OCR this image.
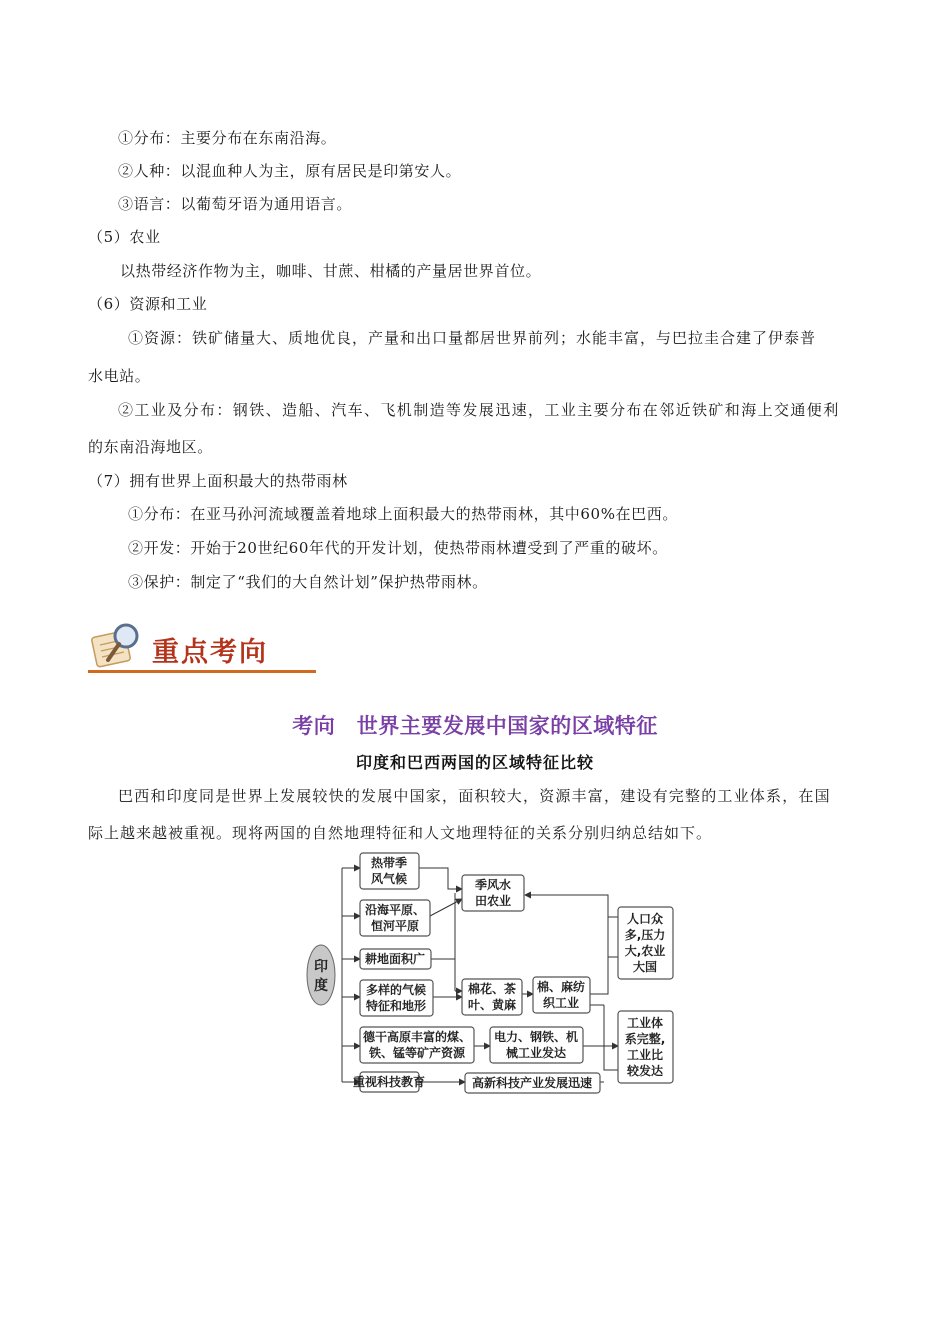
①分布：主要分布在东南沿海。
②人种：以混血种人为主，原有居民是印第安人。
③语言：以葡萄牙语为通用语言。
（5）农业
以热带经济作物为主，咖啡、甘蔗、柑橘的产量居世界首位。
（6）资源和工业
①资源：铁矿储量大、质地优良，产量和出口量都居世界前列；水能丰富，与巴拉圭合建了伊泰普
水电站。
②工业及分布：钢铁、造船、汽车、飞机制造等发展迅速，工业主要分布在邻近铁矿和海上交通便利
的东南沿海地区。
（7）拥有世界上面积最大的热带雨林
①分布：在亚马孙河流域覆盖着地球上面积最大的热带雨林，其中60%在巴西。
②开发：开始于20世纪60年代的开发计划，使热带雨林遭受到了严重的破坏。
③保护：制定了“我们的大自然计划”保护热带雨林。
重点考向
考向　世界主要发展中国家的区域特征
印度和巴西两国的区域特征比较
巴西和印度同是世界上发展较快的发展中国家，面积较大，资源丰富，建设有完整的工业体系，在国
际上越来越被重视。现将两国的自然地理特征和人文地理特征的关系分别归纳总结如下。
印
度
热带季
风气候
沿海平原、
恒河平原
耕地面积广
多样的气候
特征和地形
德干高原丰富的煤、
铁、锰等矿产资源
重视科技教育
季风水
田农业
棉花、茶
叶、黄麻
棉、麻纺
织工业
电力、钢铁、机
械工业发达
高新科技产业发展迅速
人口众
多,压力
大,农业
大国
工业体
系完整,
工业比
较发达
